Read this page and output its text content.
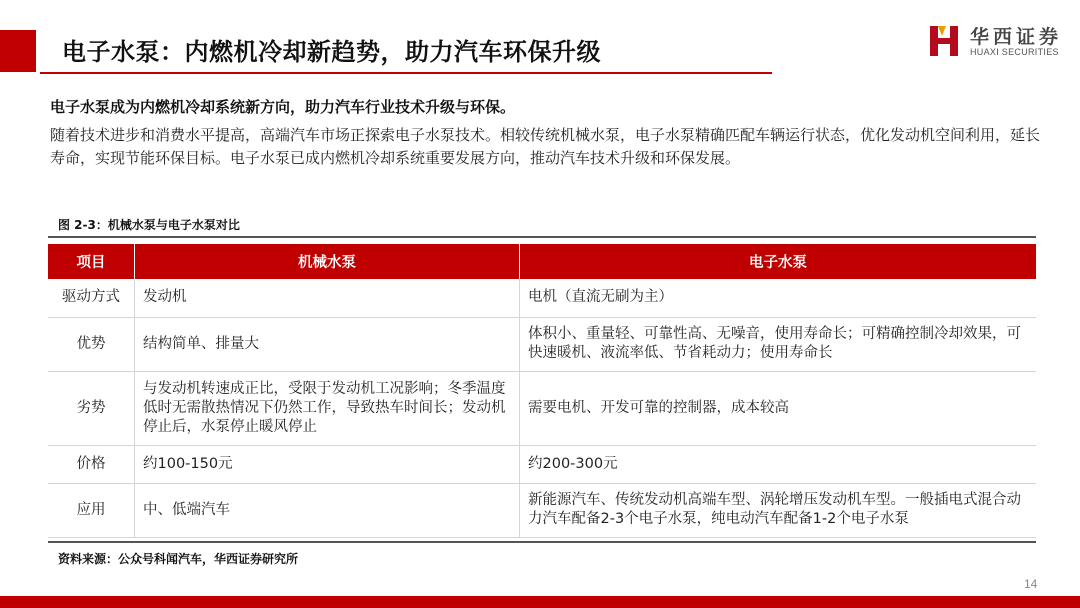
电子水泵：内燃机冷却新趋势，助力汽车环保升级
华西证券
HUAXI SECURITIES
电子水泵成为内燃机冷却系统新方向，助力汽车行业技术升级与环保。
随着技术进步和消费水平提高，高端汽车市场正探索电子水泵技术。相较传统机械水泵，电子水泵精确匹配车辆运行状态，优化发动机空间利用，延长寿命，实现节能环保目标。电子水泵已成内燃机冷却系统重要发展方向，推动汽车技术升级和环保发展。
图 2-3：机械水泵与电子水泵对比
项目	机械水泵	电子水泵
驱动方式	发动机	电机（直流无刷为主）
优势	结构简单、排量大	体积小、重量轻、可靠性高、无噪音，使用寿命长；可精确控制冷却效果，可快速暖机、液流率低、节省耗动力；使用寿命长
劣势	与发动机转速成正比，受限于发动机工况影响；冬季温度低时无需散热情况下仍然工作，导致热车时间长；发动机停止后，水泵停止暖风停止	需要电机、开发可靠的控制器，成本较高
价格	约100-150元	约200-300元
应用	中、低端汽车	新能源汽车、传统发动机高端车型、涡轮增压发动机车型。一般插电式混合动力汽车配备2-3个电子水泵，纯电动汽车配备1-2个电子水泵
资料来源：公众号科闻汽车，华西证券研究所
14
